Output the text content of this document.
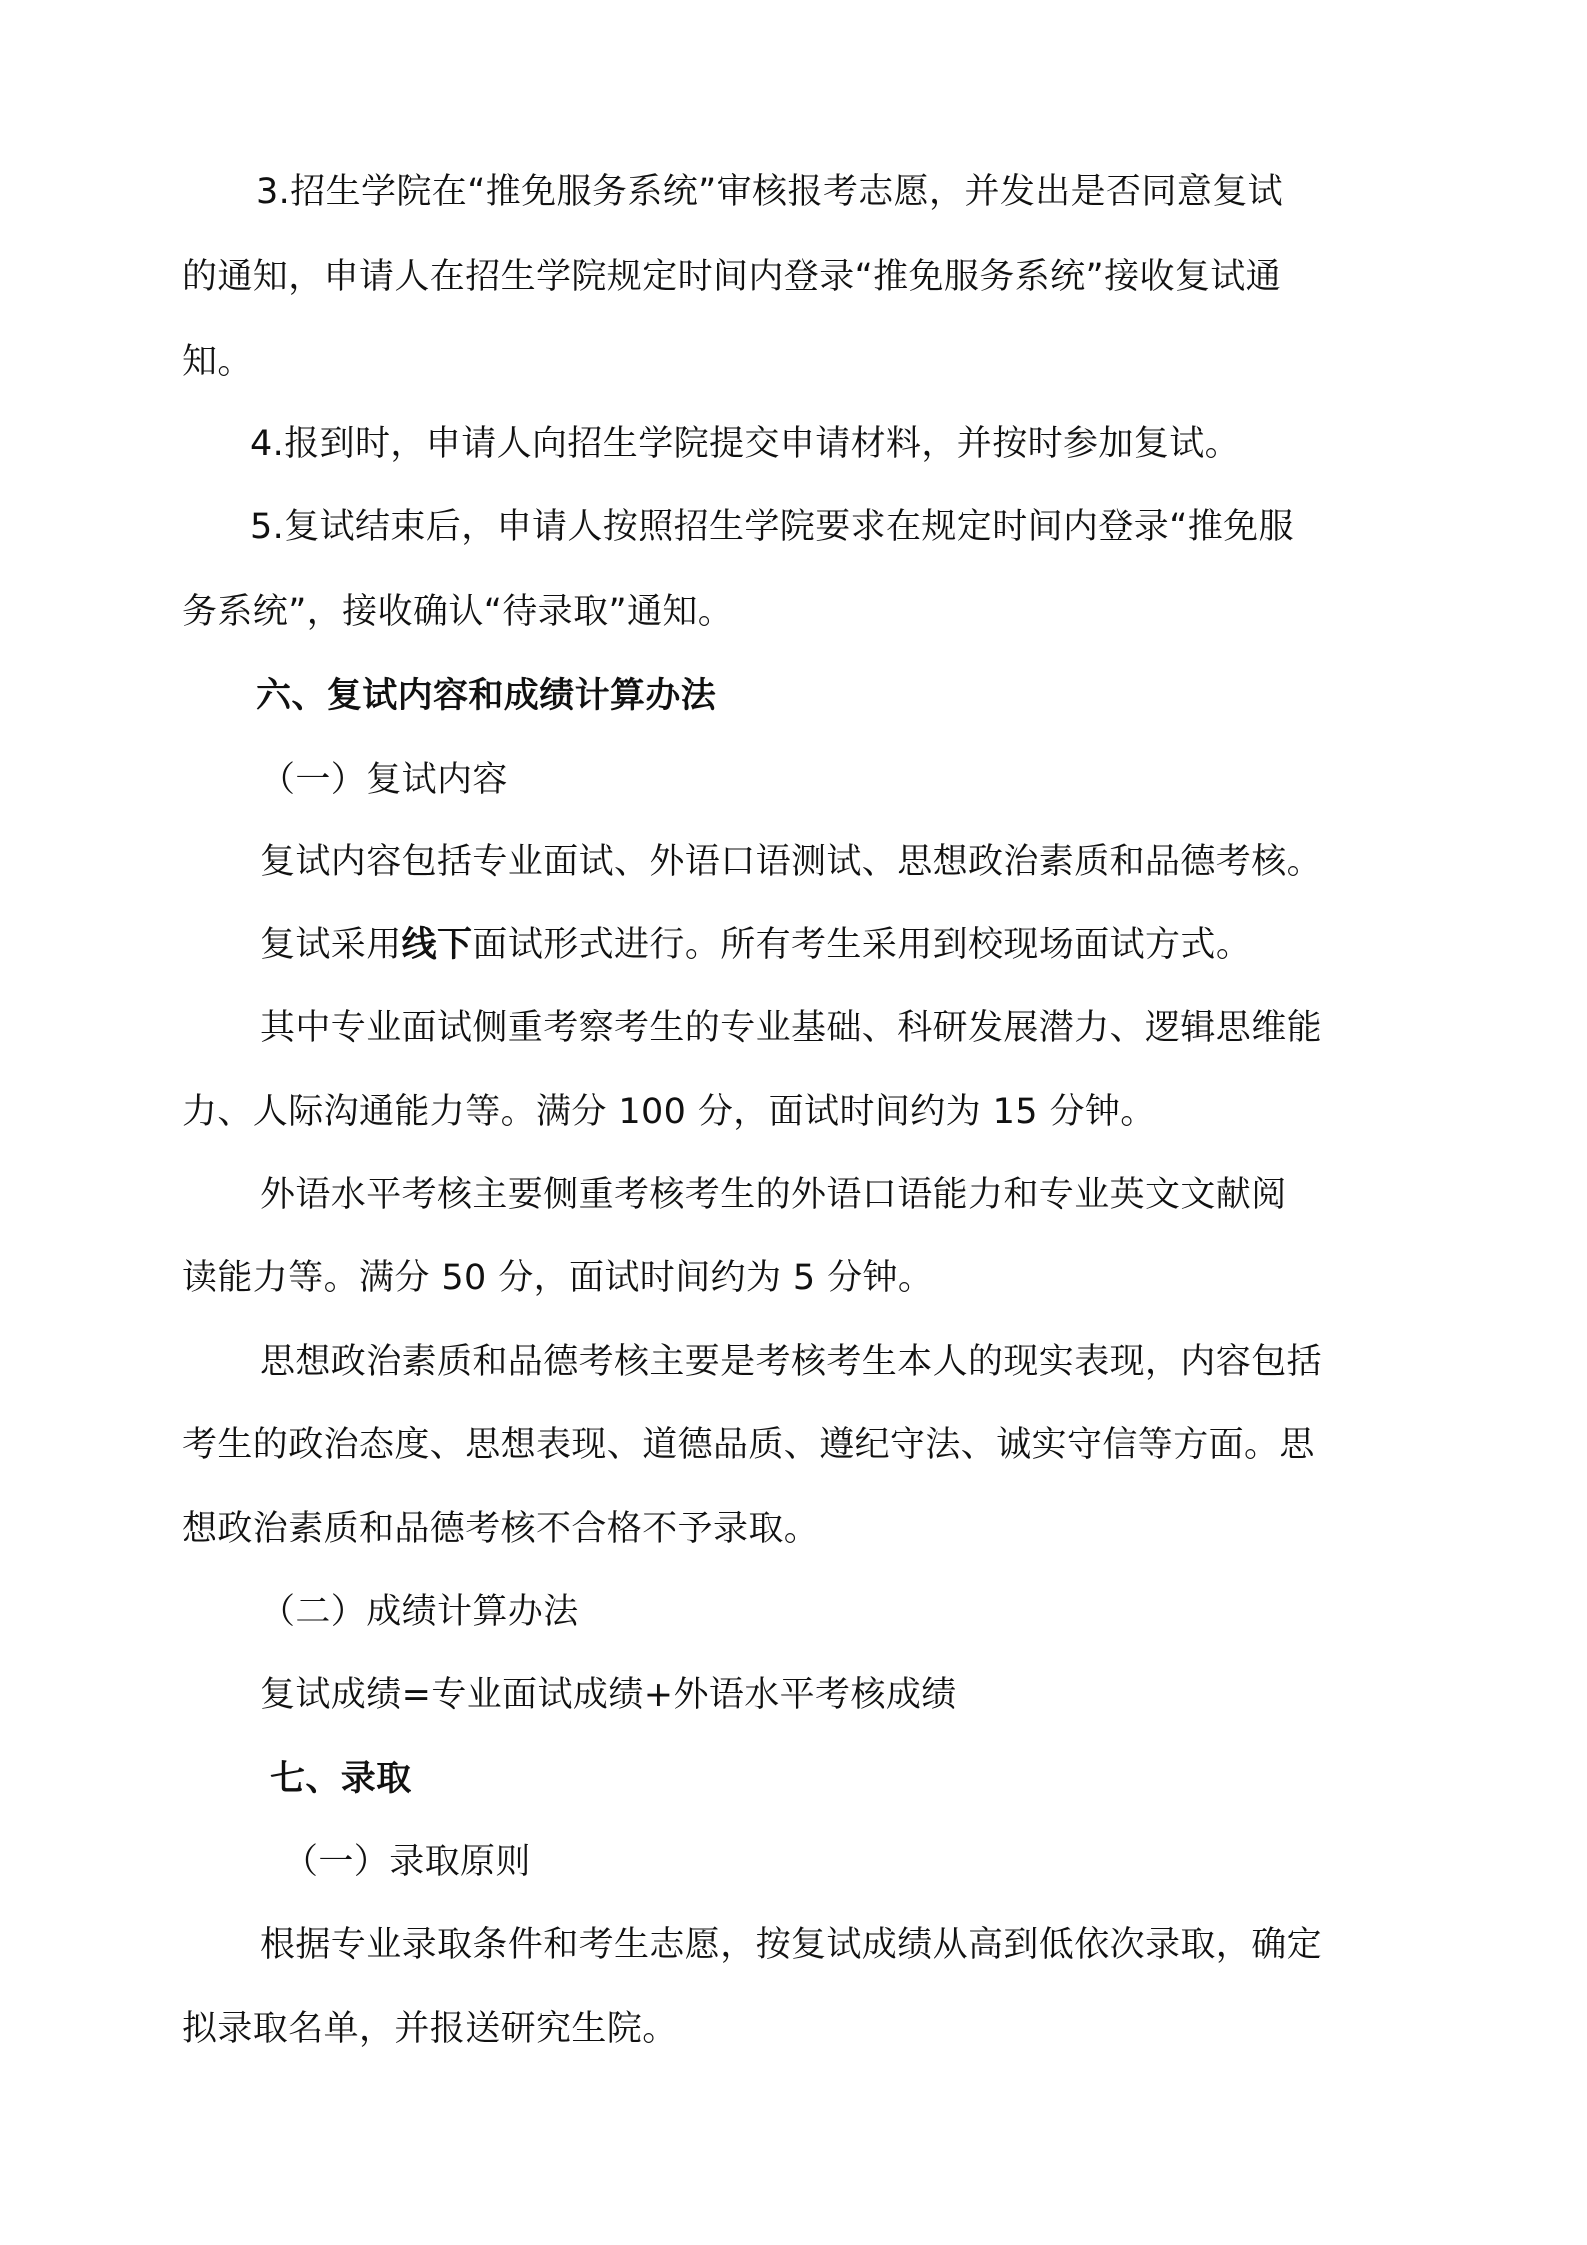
3.招生学院在“推免服务系统”审核报考志愿，并发出是否同意复试
的通知，申请人在招生学院规定时间内登录“推免服务系统”接收复试通
知。
4.报到时，申请人向招生学院提交申请材料，并按时参加复试。
5.复试结束后，申请人按照招生学院要求在规定时间内登录“推免服
务系统”，接收确认“待录取”通知。
六、复试内容和成绩计算办法
（一）复试内容
复试内容包括专业面试、外语口语测试、思想政治素质和品德考核。
复试采用线下面试形式进行。所有考生采用到校现场面试方式。
其中专业面试侧重考察考生的专业基础、科研发展潜力、逻辑思维能
力、人际沟通能力等。满分 100 分，面试时间约为 15 分钟。
外语水平考核主要侧重考核考生的外语口语能力和专业英文文献阅
读能力等。满分 50 分，面试时间约为 5 分钟。
思想政治素质和品德考核主要是考核考生本人的现实表现，内容包括
考生的政治态度、思想表现、道德品质、遵纪守法、诚实守信等方面。思
想政治素质和品德考核不合格不予录取。
（二）成绩计算办法
复试成绩=专业面试成绩+外语水平考核成绩
七、录取
（一）录取原则
根据专业录取条件和考生志愿，按复试成绩从高到低依次录取，确定
拟录取名单，并报送研究生院。
